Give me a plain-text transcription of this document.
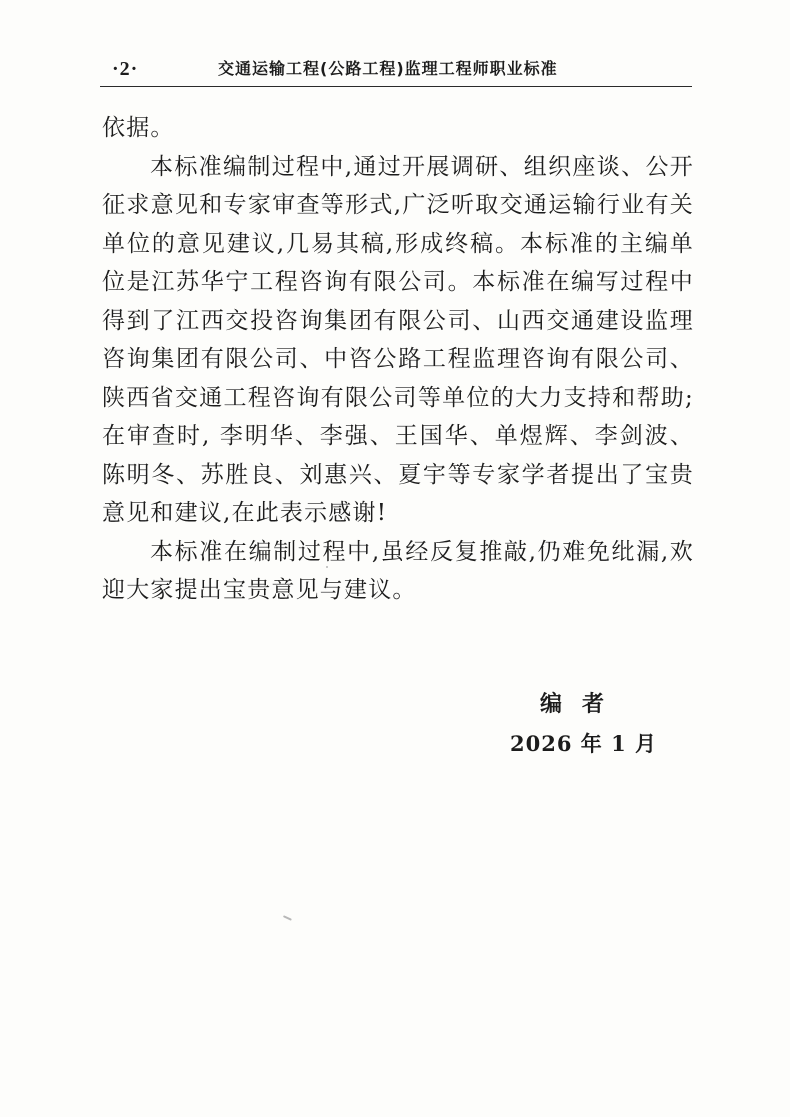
·2·	交通运输工程(公路工程)监理工程师职业标准

依据。

本标准编制过程中,通过开展调研、组织座谈、公开征求意见和专家审查等形式,广泛听取交通运输行业有关单位的意见建议,几易其稿,形成终稿。本标准的主编单位是江苏华宁工程咨询有限公司。本标准在编写过程中得到了江西交投咨询集团有限公司、山西交通建设监理咨询集团有限公司、中咨公路工程监理咨询有限公司、陕西省交通工程咨询有限公司等单位的大力支持和帮助;在审查时, 李明华、李强、王国华、单煜辉、李剑波、陈明冬、苏胜良、刘惠兴、夏宇等专家学者提出了宝贵意见和建议,在此表示感谢!

本标准在编制过程中,虽经反复推敲,仍难免纰漏,欢迎大家提出宝贵意见与建议。

编者
2026 年 1 月
